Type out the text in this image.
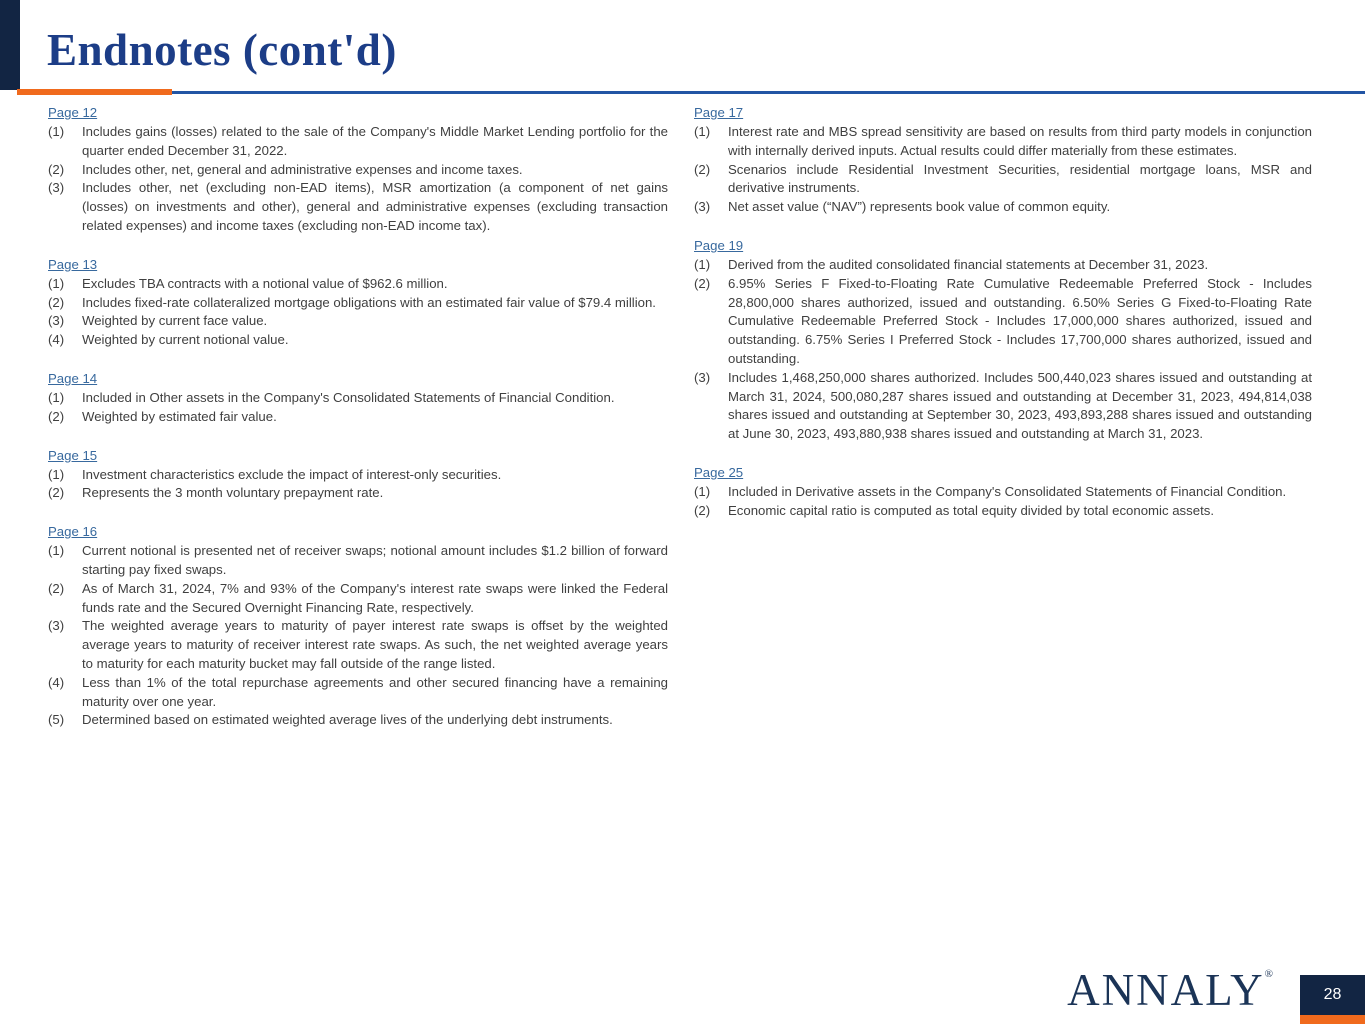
Endnotes (cont'd)
Page 12
(1)	Includes gains (losses) related to the sale of the Company's Middle Market Lending portfolio for the quarter ended December 31, 2022.
(2)	Includes other, net, general and administrative expenses and income taxes.
(3)	Includes other, net (excluding non-EAD items), MSR amortization (a component of net gains (losses) on investments and other), general and administrative expenses (excluding transaction related expenses) and income taxes (excluding non-EAD income tax).
Page 13
(1)	Excludes TBA contracts with a notional value of $962.6 million.
(2)	Includes fixed-rate collateralized mortgage obligations with an estimated fair value of $79.4 million.
(3)	Weighted by current face value.
(4)	Weighted by current notional value.
Page 14
(1)	Included in Other assets in the Company's Consolidated Statements of Financial Condition.
(2)	Weighted by estimated fair value.
Page 15
(1)	Investment characteristics exclude the impact of interest-only securities.
(2)	Represents the 3 month voluntary prepayment rate.
Page 16
(1)	Current notional is presented net of receiver swaps; notional amount includes $1.2 billion of forward starting pay fixed swaps.
(2)	As of March 31, 2024, 7% and 93% of the Company's interest rate swaps were linked the Federal funds rate and the Secured Overnight Financing Rate, respectively.
(3)	The weighted average years to maturity of payer interest rate swaps is offset by the weighted average years to maturity of receiver interest rate swaps. As such, the net weighted average years to maturity for each maturity bucket may fall outside of the range listed.
(4)	Less than 1% of the total repurchase agreements and other secured financing have a remaining maturity over one year.
(5)	Determined based on estimated weighted average lives of the underlying debt instruments.
Page 17
(1)	Interest rate and MBS spread sensitivity are based on results from third party models in conjunction with internally derived inputs. Actual results could differ materially from these estimates.
(2)	Scenarios include Residential Investment Securities, residential mortgage loans, MSR and derivative instruments.
(3)	Net asset value (“NAV”) represents book value of common equity.
Page 19
(1)	Derived from the audited consolidated financial statements at December 31, 2023.
(2)	6.95% Series F Fixed-to-Floating Rate Cumulative Redeemable Preferred Stock - Includes 28,800,000 shares authorized, issued and outstanding. 6.50% Series G Fixed-to-Floating Rate Cumulative Redeemable Preferred Stock - Includes 17,000,000 shares authorized, issued and outstanding. 6.75% Series I Preferred Stock - Includes 17,700,000 shares authorized, issued and outstanding.
(3)	Includes 1,468,250,000 shares authorized. Includes 500,440,023 shares issued and outstanding at March 31, 2024, 500,080,287 shares issued and outstanding at December 31, 2023, 494,814,038 shares issued and outstanding at September 30, 2023, 493,893,288 shares issued and outstanding at June 30, 2023, 493,880,938 shares issued and outstanding at March 31, 2023.
Page 25
(1)	Included in Derivative assets in the Company's Consolidated Statements of Financial Condition.
(2)	Economic capital ratio is computed as total equity divided by total economic assets.
ANNALY®
28
